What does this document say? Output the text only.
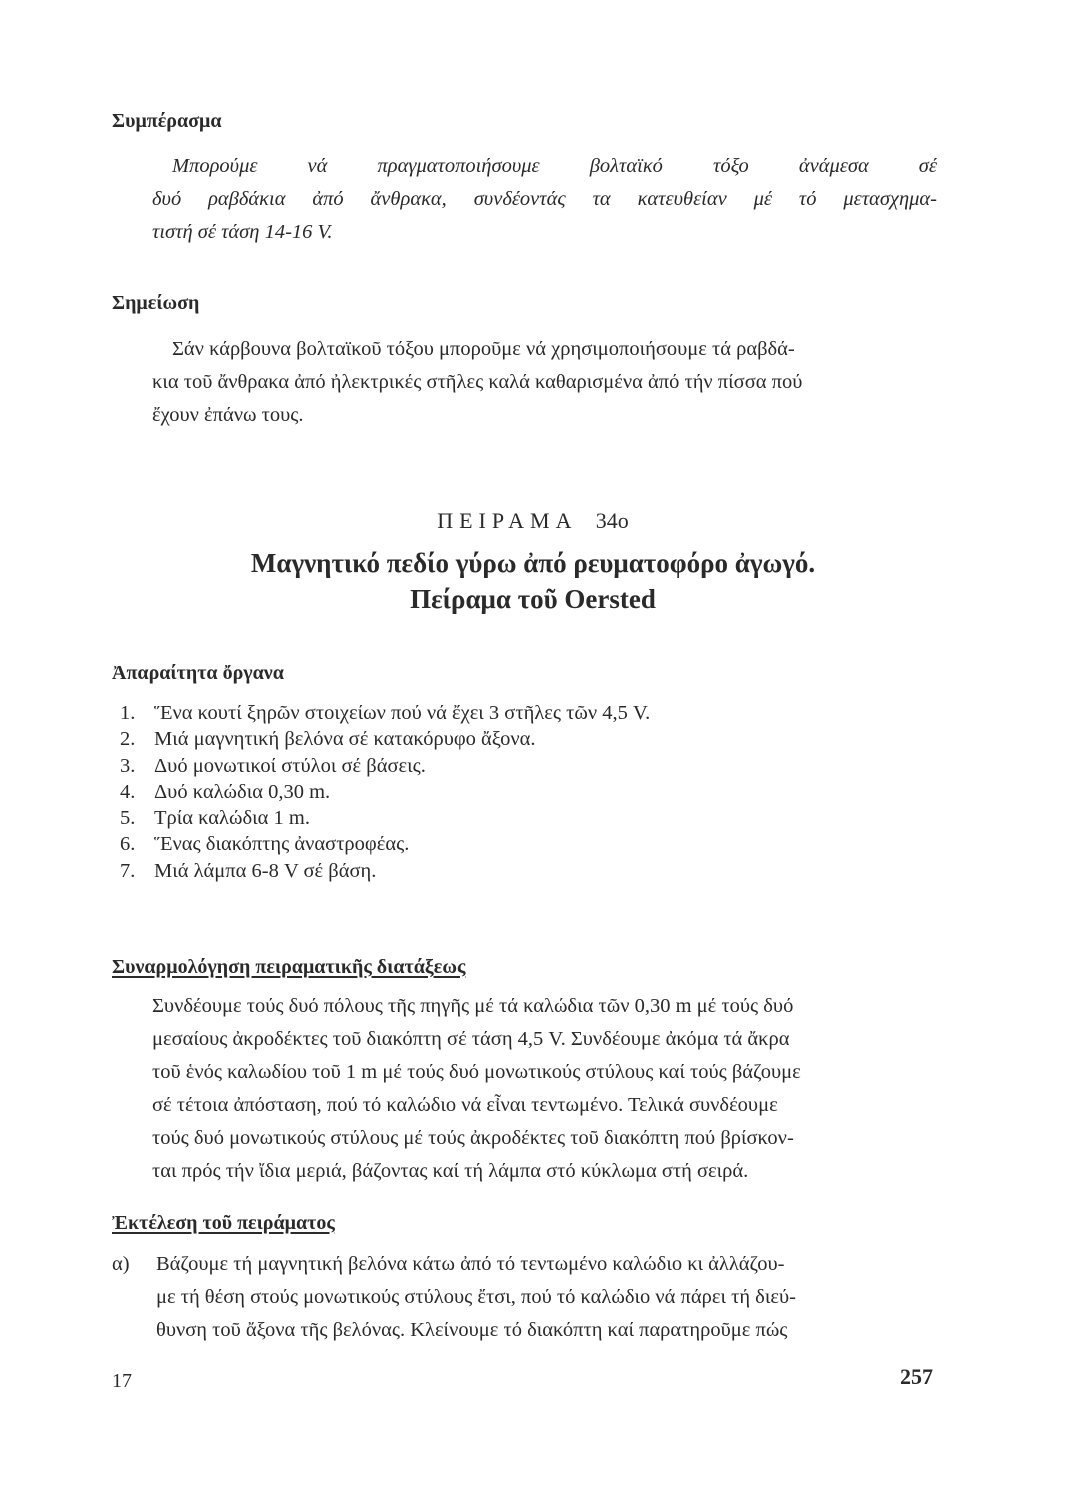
Συμπέρασμα
Μπορούμε νά πραγματοποιήσουμε βολταϊκό τόξο ἀνάμεσα σέ
δυό ραβδάκια ἀπό ἄνθρακα, συνδέοντάς τα κατευθείαν μέ τό μετασχημα-
τιστή σέ τάση 14-16 V.
Σημείωση
Σάν κάρβουνα βολταϊκοῦ τόξου μποροῦμε νά χρησιμοποιήσουμε τά ραβδά-
κια τοῦ ἄνθρακα ἀπό ἠλεκτρικές στῆλες καλά καθαρισμένα ἀπό τήν πίσσα πού
ἔχουν ἐπάνω τους.
ΠΕΙΡΑΜΑ 34ο
Μαγνητικό πεδίο γύρω ἀπό ρευματοφόρο ἀγωγό.
Πείραμα τοῦ Oersted
Ἀπαραίτητα ὄργανα
1. Ἕνα κουτί ξηρῶν στοιχείων πού νά ἔχει 3 στῆλες τῶν 4,5 V.
2. Μιά μαγνητική βελόνα σέ κατακόρυφο ἄξονα.
3. Δυό μονωτικοί στύλοι σέ βάσεις.
4. Δυό καλώδια 0,30 m.
5. Τρία καλώδια 1 m.
6. Ἕνας διακόπτης ἀναστροφέας.
7. Μιά λάμπα 6-8 V σέ βάση.
Συναρμολόγηση πειραματικῆς διατάξεως
Συνδέουμε τούς δυό πόλους τῆς πηγῆς μέ τά καλώδια τῶν 0,30 m μέ τούς δυό
μεσαίους ἀκροδέκτες τοῦ διακόπτη σέ τάση 4,5 V. Συνδέουμε ἀκόμα τά ἄκρα
τοῦ ἑνός καλωδίου τοῦ 1 m μέ τούς δυό μονωτικούς στύλους καί τούς βάζουμε
σέ τέτοια ἀπόσταση, πού τό καλώδιο νά εἶναι τεντωμένο. Τελικά συνδέουμε
τούς δυό μονωτικούς στύλους μέ τούς ἀκροδέκτες τοῦ διακόπτη πού βρίσκον-
ται πρός τήν ἴδια μεριά, βάζοντας καί τή λάμπα στό κύκλωμα στή σειρά.
Ἐκτέλεση τοῦ πειράματος
α)	Βάζουμε τή μαγνητική βελόνα κάτω ἀπό τό τεντωμένο καλώδιο κι ἀλλάζου-
με τή θέση στούς μονωτικούς στύλους ἔτσι, πού τό καλώδιο νά πάρει τή διεύ-
θυνση τοῦ ἄξονα τῆς βελόνας. Κλείνουμε τό διακόπτη καί παρατηροῦμε πώς
17	257
